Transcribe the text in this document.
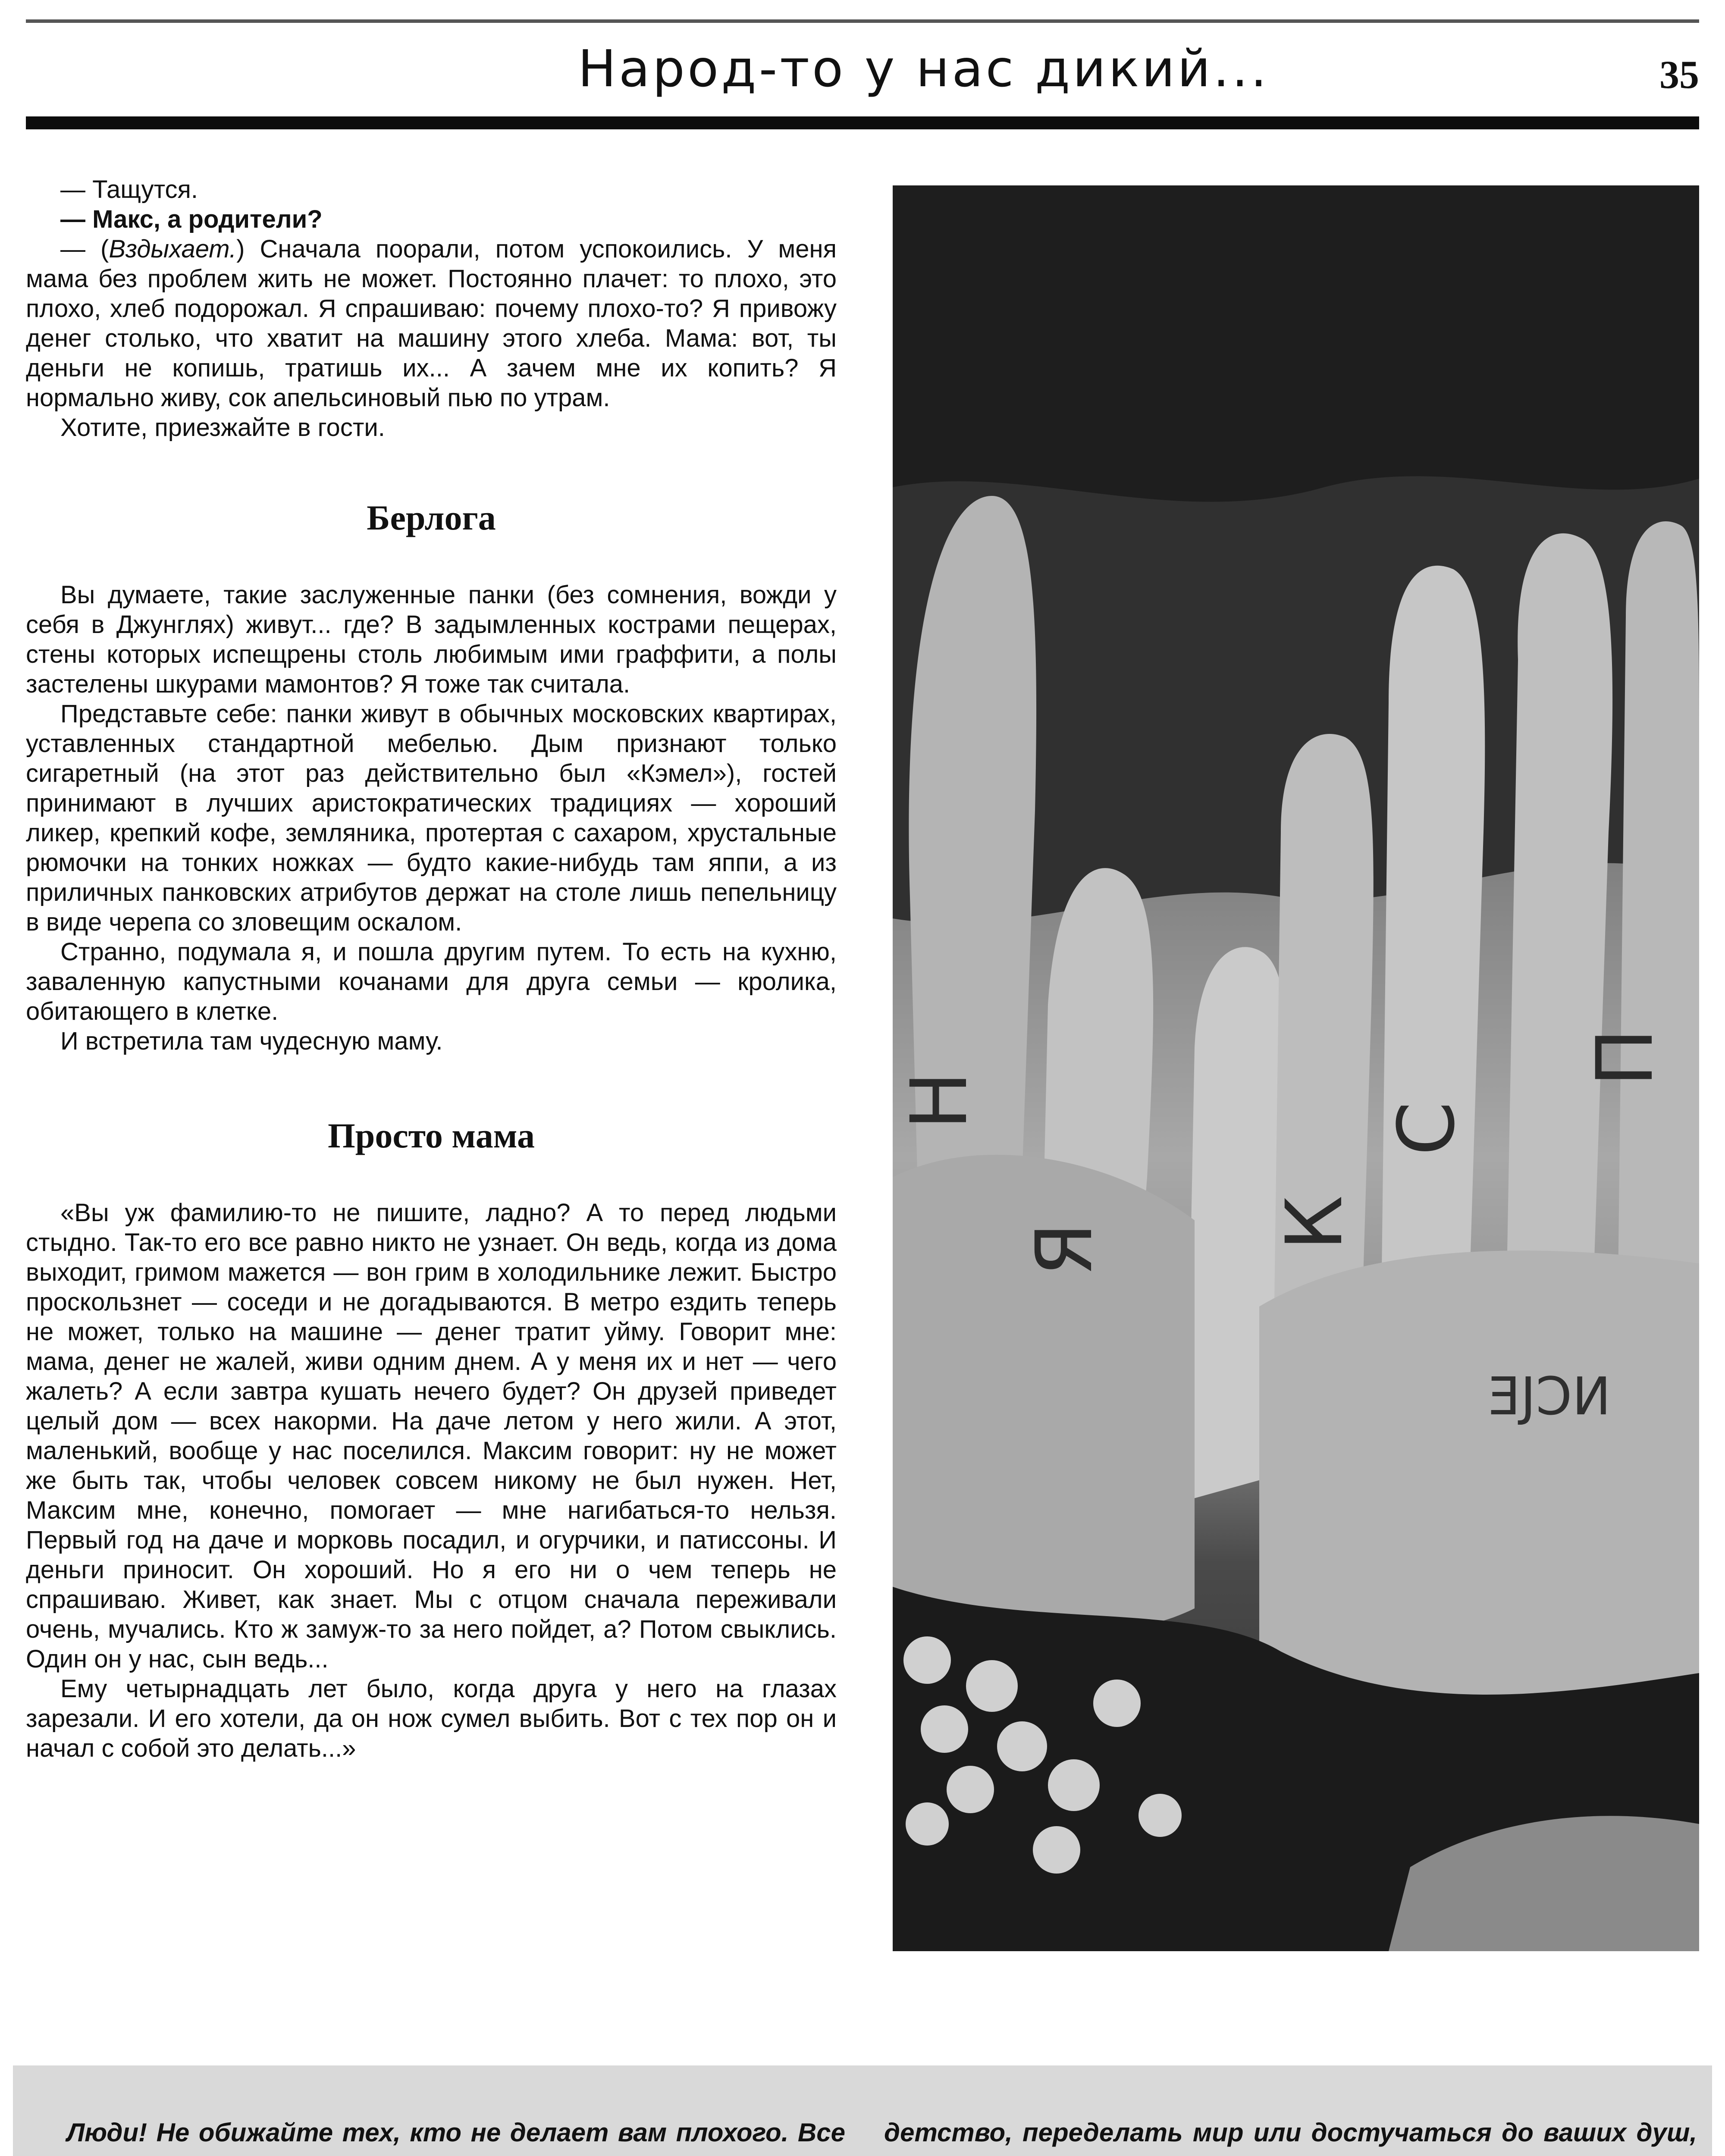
Народ-то у нас дикий...	35

— Тащутся.

— Макс, а родители?

— (Вздыхает.) Сначала поорали, потом успокоились. У меня мама без проблем жить не может. Постоянно плачет: то плохо, это плохо, хлеб подорожал. Я спрашиваю: почему плохо-то? Я привожу денег столько, что хватит на машину этого хлеба. Мама: вот, ты деньги не копишь, тратишь их... А зачем мне их копить? Я нормально живу, сок апельсиновый пью по утрам.

Хотите, приезжайте в гости.

Берлога

Вы думаете, такие заслуженные панки (без сомнения, вожди у себя в Джунглях) живут... где? В задымленных кострами пещерах, стены которых испещрены столь любимым ими граффити, а полы застелены шкурами мамонтов? Я тоже так считала.

Представьте себе: панки живут в обычных московских квартирах, уставленных стандартной мебелью. Дым признают только сигаретный (на этот раз действительно был «Кэмел»), гостей принимают в лучших аристократических традициях — хороший ликер, крепкий кофе, земляника, протертая с сахаром, хрустальные рюмочки на тонких ножках — будто какие-нибудь там яппи, а из приличных панковских атрибутов держат на столе лишь пепельницу в виде черепа со зловещим оскалом.

Странно, подумала я, и пошла другим путем. То есть на кухню, заваленную капустными кочанами для друга семьи — кролика, обитающего в клетке.

И встретила там чудесную маму.

Просто мама

«Вы уж фамилию-то не пишите, ладно? А то перед людьми стыдно. Так-то его все равно никто не узнает. Он ведь, когда из дома выходит, гримом мажется — вон грим в холодильнике лежит. Быстро проскользнет — соседи и не догадываются. В метро ездить теперь не может, только на машине — денег тратит уйму. Говорит мне: мама, денег не жалей, живи одним днем. А у меня их и нет — чего жалеть? А если завтра кушать нечего будет? Он друзей приведет целый дом — всех накорми. На даче летом у него жили. А этот, маленький, вообще у нас поселился. Максим говорит: ну не может же быть так, чтобы человек совсем никому не был нужен. Нет, Максим мне, конечно, помогает — мне нагибаться-то нельзя. Первый год на даче и морковь посадил, и огурчики, и патиссоны. И деньги приносит. Он хороший. Но я его ни о чем теперь не спрашиваю. Живет, как знает. Мы с отцом сначала переживали очень, мучались. Кто ж замуж-то за него пойдет, а? Потом свыклись. Один он у нас, сын ведь...

Ему четырнадцать лет было, когда друга у него на глазах зарезали. И его хотели, да он нож сумел выбить. Вот с тех пор он и начал с собой это делать...»

Н
Я К
С
П
ƎJϽИ

Люди! Не обижайте тех, кто не делает вам плохого. Все детство, переделать мир или достучаться до ваших душ,
